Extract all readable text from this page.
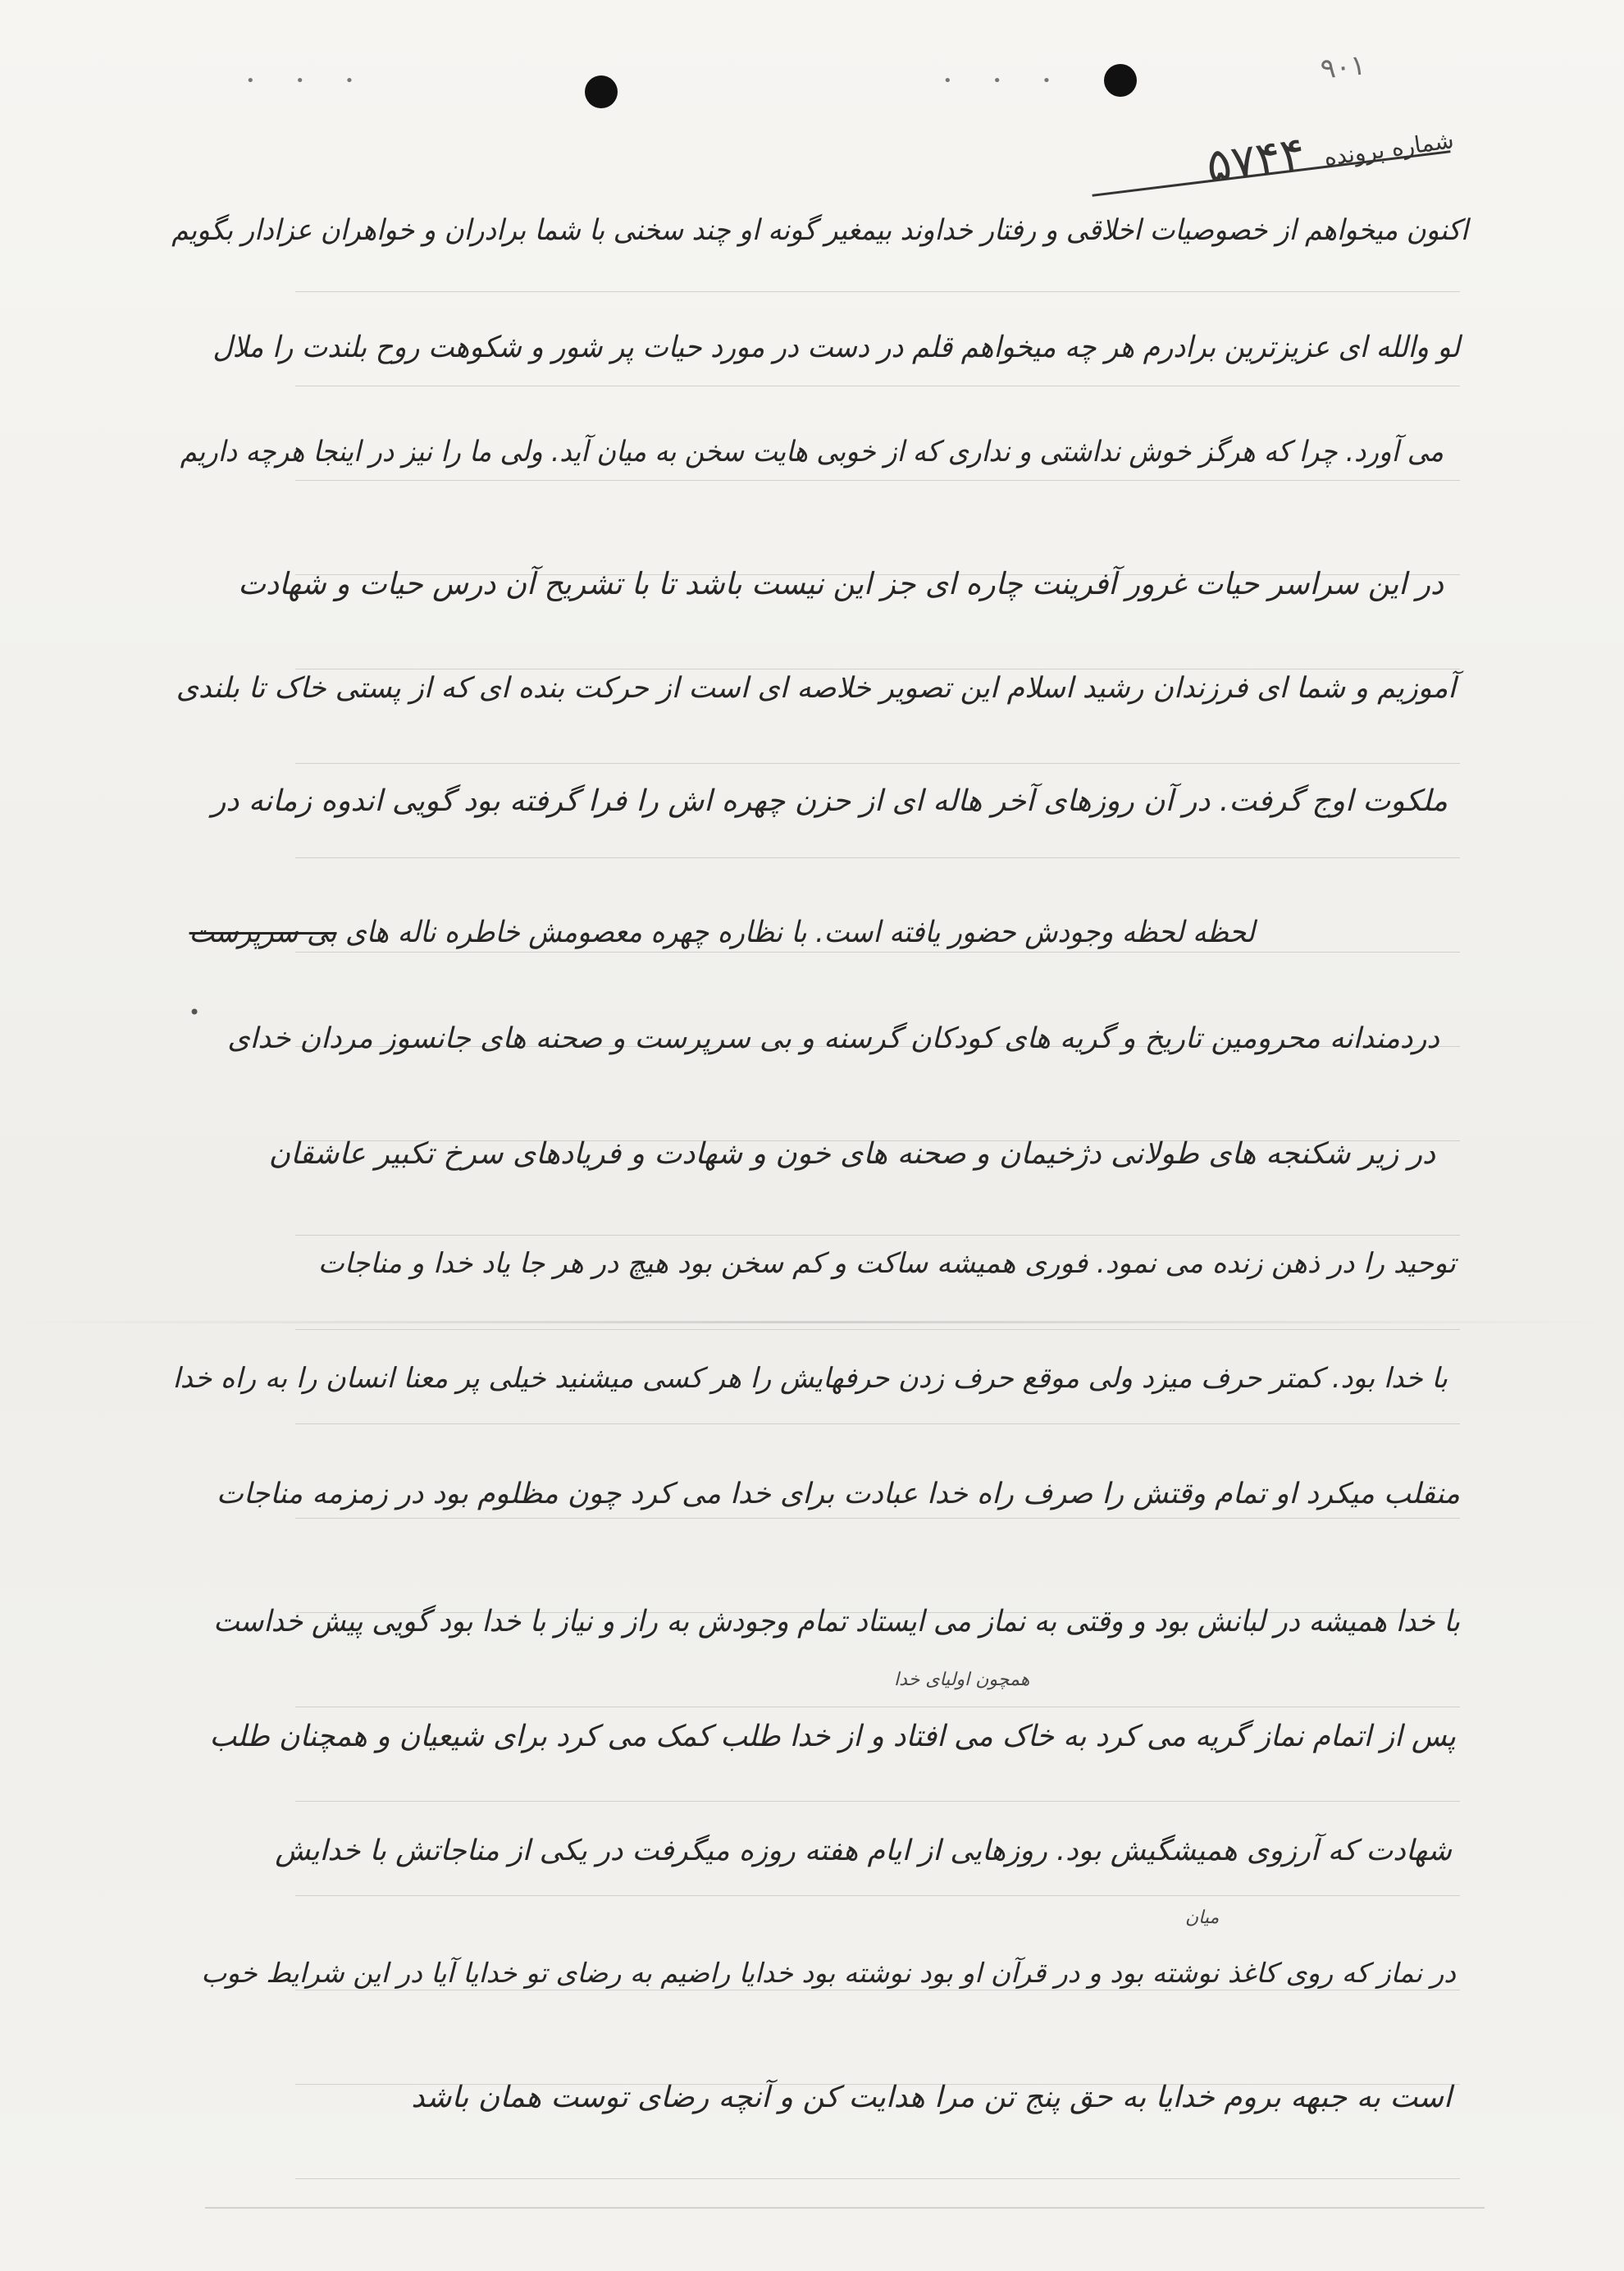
• • •	• • •	٩٠١
شماره پرونده ۵۷۴۴
اکنون میخواهم از خصوصیات اخلاقی و رفتار خداوند بیمغیر گونه او چند سخنی با شما برادران و خواهران عزادار بگویم
لو والله ای عزیزترین برادرم هر چه میخواهم قلم در دست در مورد حیات پر شور و شکوهت روح بلندت را ملال
می آورد. چرا که هرگز خوش نداشتی و نداری که از خوبی هایت سخن به میان آید. ولی ما را نیز در اینجا هرچه داریم
در این سراسر حیات غرور آفرینت چاره ای جز این نیست باشد تا با تشریح آن درس حیات و شهادت
آموزیم و شما ای فرزندان رشید اسلام این تصویر خلاصه ای است از حرکت بنده ای که از پستی خاک تا بلندی
ملکوت اوج گرفت. در آن روزهای آخر هاله ای از حزن چهره اش را فرا گرفته بود گویی اندوه زمانه در
لحظه لحظه وجودش حضور یافته است. با نظاره چهره معصومش خاطره ناله های بی سرپرست
دردمندانه محرومین تاریخ و گریه های کودکان گرسنه و بی سرپرست و صحنه های جانسوز مردان خدای
در زیر شکنجه های طولانی دژخیمان و صحنه های خون و شهادت و فریادهای سرخ تکبیر عاشقان
توحید را در ذهن زنده می نمود. فوری همیشه ساکت و کم سخن بود هیچ در هر جا یاد خدا و مناجات
با خدا بود. کمتر حرف میزد ولی موقع حرف زدن حرفهایش را هر کسی میشنید خیلی پر معنا انسان را به راه خدا
منقلب میکرد او تمام وقتش را صرف راه خدا عبادت برای خدا می کرد چون مظلوم بود در زمزمه مناجات
با خدا همیشه در لبانش بود و وقتی به نماز می ایستاد تمام وجودش به راز و نیاز با خدا بود گویی پیش خداست
همچون اولیای خدا
پس از اتمام نماز گریه می کرد به خاک می افتاد و از خدا طلب کمک می کرد برای شیعیان و همچنان طلب
شهادت که آرزوی همیشگیش بود. روزهایی از ایام هفته روزه میگرفت در یکی از مناجاتش با خدایش
میان
در نماز که روی کاغذ نوشته بود و در قرآن او بود نوشته بود خدایا راضیم به رضای تو خدایا آیا در این شرایط خوب
است به جبهه بروم خدایا به حق پنج تن مرا هدایت کن و آنچه رضای توست همان باشد
•
